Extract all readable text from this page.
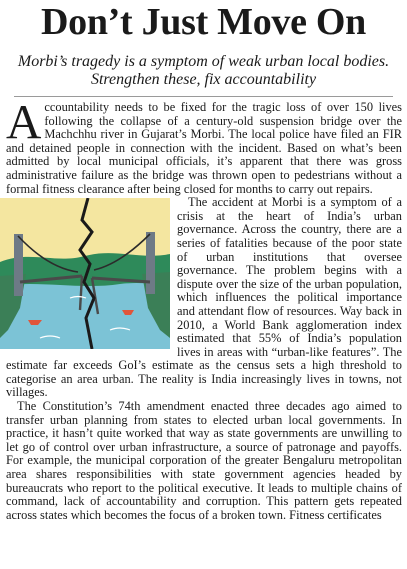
Don’t Just Move On

Morbi’s tragedy is a symptom of weak urban local bodies. Strengthen these, fix accountability

Accountability needs to be fixed for the tragic loss of over 150 lives following the collapse of a century-old suspension bridge over the Machchhu river in Gujarat’s Morbi. The local police have filed an FIR and detained people in connection with the incident. Based on what’s been admitted by local municipal officials, it’s apparent that there was gross administrative failure as the bridge was thrown open to pedestrians without a formal fitness clearance after being closed for months to carry out repairs.

The accident at Morbi is a symptom of a crisis at the heart of India’s urban governance. Across the country, there are a series of fatalities because of the poor state of urban institutions that oversee governance. The problem begins with a dispute over the size of the urban population, which influences the political importance and attendant flow of resources. Way back in 2010, a World Bank agglomeration index estimated that 55% of India’s population lives in areas with “urban-like features”. The estimate far exceeds GoI’s estimate as the census sets a high threshold to categorise an area urban. The reality is India increasingly lives in towns, not villages.

The Constitution’s 74th amendment enacted three decades ago aimed to transfer urban planning from states to elected urban local governments. In practice, it hasn’t quite worked that way as state governments are unwilling to let go of control over urban infrastructure, a source of patronage and payoffs. For example, the municipal corporation of the greater Bengaluru metropolitan area shares responsibilities with state government agencies headed by bureaucrats who report to the political executive. It leads to multiple chains of command, lack of accountability and corruption. This pattern gets repeated across states which becomes the focus of a broken town. Fitness certificates
